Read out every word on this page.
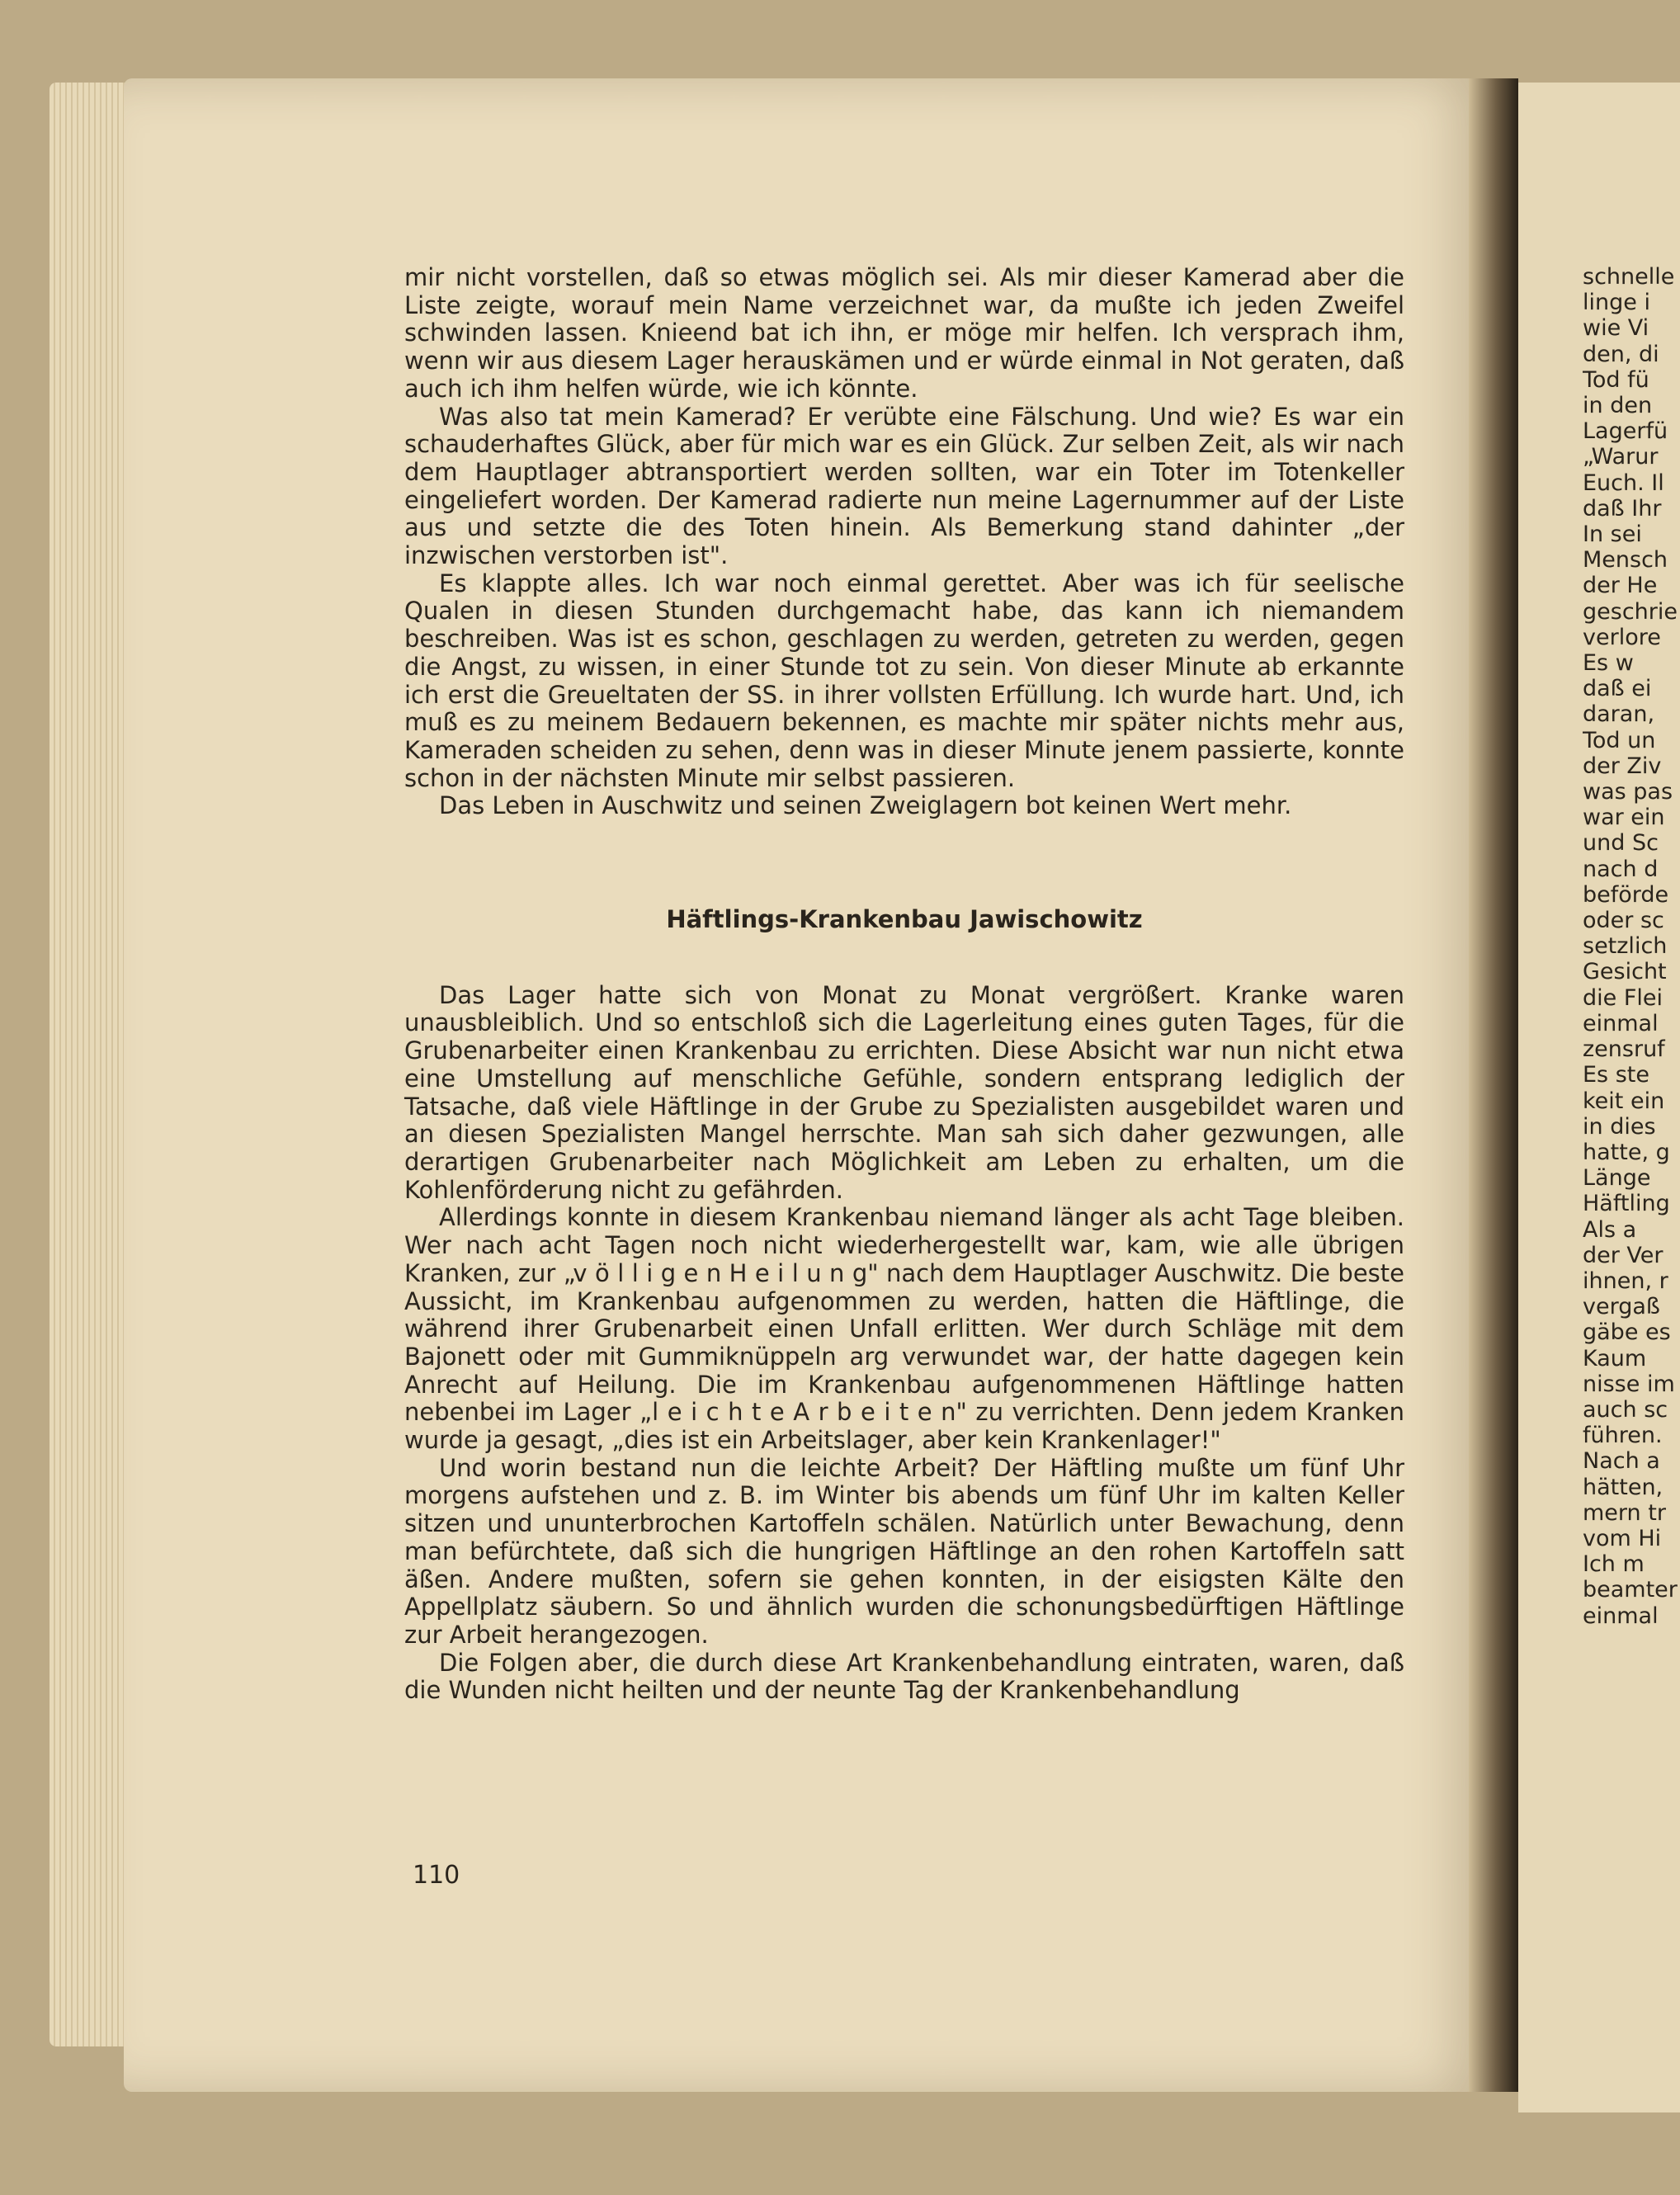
mir nicht vorstellen, daß so etwas möglich sei. Als mir dieser Kamerad aber die Liste zeigte, worauf mein Name verzeichnet war, da mußte ich jeden Zweifel schwinden lassen. Knieend bat ich ihn, er möge mir helfen. Ich versprach ihm, wenn wir aus diesem Lager herauskämen und er würde einmal in Not geraten, daß auch ich ihm helfen würde, wie ich könnte.

Was also tat mein Kamerad? Er verübte eine Fälschung. Und wie? Es war ein schauderhaftes Glück, aber für mich war es ein Glück. Zur selben Zeit, als wir nach dem Hauptlager abtransportiert werden sollten, war ein Toter im Totenkeller eingeliefert worden. Der Kamerad radierte nun meine Lagernummer auf der Liste aus und setzte die des Toten hinein. Als Bemerkung stand dahinter „der inzwischen verstorben ist".

Es klappte alles. Ich war noch einmal gerettet. Aber was ich für seelische Qualen in diesen Stunden durchgemacht habe, das kann ich niemandem beschreiben. Was ist es schon, geschlagen zu werden, getreten zu werden, gegen die Angst, zu wissen, in einer Stunde tot zu sein. Von dieser Minute ab erkannte ich erst die Greueltaten der SS. in ihrer vollsten Erfüllung. Ich wurde hart. Und, ich muß es zu meinem Bedauern bekennen, es machte mir später nichts mehr aus, Kameraden scheiden zu sehen, denn was in dieser Minute jenem passierte, konnte schon in der nächsten Minute mir selbst passieren.

Das Leben in Auschwitz und seinen Zweiglagern bot keinen Wert mehr.

Häftlings-Krankenbau Jawischowitz

Das Lager hatte sich von Monat zu Monat vergrößert. Kranke waren unausbleiblich. Und so entschloß sich die Lagerleitung eines guten Tages, für die Grubenarbeiter einen Krankenbau zu errichten. Diese Absicht war nun nicht etwa eine Umstellung auf menschliche Gefühle, sondern entsprang lediglich der Tatsache, daß viele Häftlinge in der Grube zu Spezialisten ausgebildet waren und an diesen Spezialisten Mangel herrschte. Man sah sich daher gezwungen, alle derartigen Grubenarbeiter nach Möglichkeit am Leben zu erhalten, um die Kohlenförderung nicht zu gefährden.

Allerdings konnte in diesem Krankenbau niemand länger als acht Tage bleiben. Wer nach acht Tagen noch nicht wiederhergestellt war, kam, wie alle übrigen Kranken, zur „v ö l l i g e n H e i l u n g" nach dem Hauptlager Auschwitz. Die beste Aussicht, im Krankenbau aufgenommen zu werden, hatten die Häftlinge, die während ihrer Grubenarbeit einen Unfall erlitten. Wer durch Schläge mit dem Bajonett oder mit Gummiknüppeln arg verwundet war, der hatte dagegen kein Anrecht auf Heilung. Die im Krankenbau aufgenommenen Häftlinge hatten nebenbei im Lager „l e i c h t e A r b e i t e n" zu verrichten. Denn jedem Kranken wurde ja gesagt, „dies ist ein Arbeitslager, aber kein Krankenlager!"

Und worin bestand nun die leichte Arbeit? Der Häftling mußte um fünf Uhr morgens aufstehen und z. B. im Winter bis abends um fünf Uhr im kalten Keller sitzen und ununterbrochen Kartoffeln schälen. Natürlich unter Bewachung, denn man befürchtete, daß sich die hungrigen Häftlinge an den rohen Kartoffeln satt äßen. Andere mußten, sofern sie gehen konnten, in der eisigsten Kälte den Appellplatz säubern. So und ähnlich wurden die schonungsbedürftigen Häftlinge zur Arbeit herangezogen.

Die Folgen aber, die durch diese Art Krankenbehandlung eintraten, waren, daß die Wunden nicht heilten und der neunte Tag der Krankenbehandlung

110
schnelle
linge i
wie Vi
den, di
Tod fü
in den
Lagerfü
„Warur
Euch. Il
daß Ihr
In sei
Mensch
der He
geschrie
verlore
Es w
daß ei
daran,
Tod un
der Ziv
was pas
war ein
und Sc
nach d
beförde
oder sc
setzlich
Gesicht
die Flei
einmal
zensruf
Es ste
keit ein
in dies
hatte, g
Länge
Häftling
Als a
der Ver
ihnen, r
vergaß
gäbe es
Kaum
nisse im
auch sc
führen.
Nach a
hätten,
mern tr
vom Hi
Ich m
beamter
einmal
